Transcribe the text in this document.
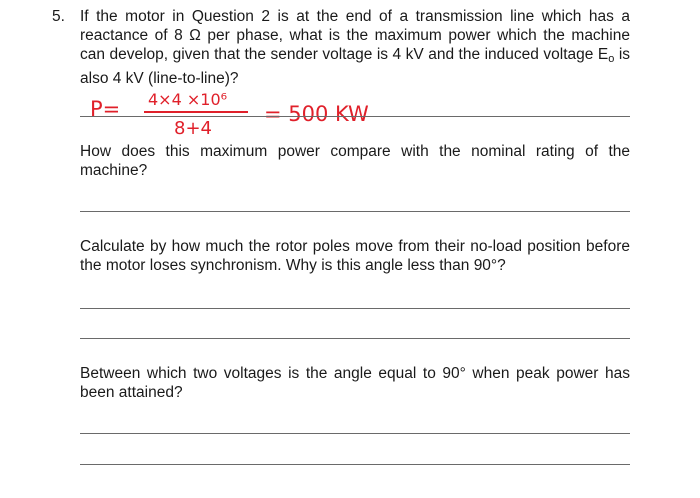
5. If the motor in Question 2 is at the end of a transmission line which has a reactance of 8 Ω per phase, what is the maximum power which the machine can develop, given that the sender voltage is 4 kV and the induced voltage $E_o$ is also 4 kV (line-to-line)?

P= 4×4 ×10⁶
8+4
= 500 KW

How does this maximum power compare with the nominal rating of the machine?

Calculate by how much the rotor poles move from their no-load position before the motor loses synchronism. Why is this angle less than 90°?

Between which two voltages is the angle equal to 90° when peak power has been attained?
